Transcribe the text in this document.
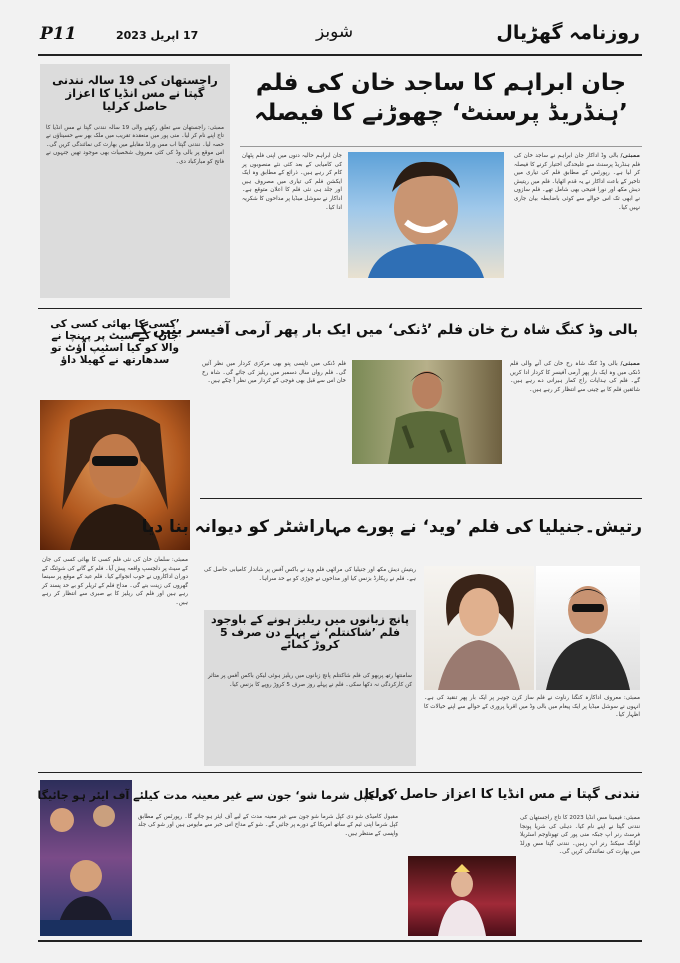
P11	17 اپریل 2023	شوبز	روزنامہ گھڑیال
راجستھان کی 19 سالہ نندنی گپتا نے مس انڈیا کا اعزاز حاصل کرلیا
ممبئی: راجستھان سے تعلق رکھنے والی 19 سالہ نندنی گپتا نے مس انڈیا کا تاج اپنے نام کر لیا۔ منی پور میں منعقدہ تقریب میں ملک بھر سے حسیناؤں نے حصہ لیا۔ نندنی گپتا اب مس ورلڈ مقابلے میں بھارت کی نمائندگی کریں گی۔ اس موقع پر بالی وڈ کی کئی معروف شخصیات بھی موجود تھیں جنہوں نے فاتح کو مبارکباد دی۔
جان ابراہم کا ساجد خان کی فلم
’ہنڈریڈ پرسنٹ‘ چھوڑنے کا فیصلہ
ممبئی/ بالی وڈ اداکار جان ابراہم نے ساجد خان کی فلم ہنڈریڈ پرسنٹ سے علیحدگی اختیار کرنے کا فیصلہ کر لیا ہے۔ رپورٹس کے مطابق فلم کی تیاری میں تاخیر کے باعث اداکار نے یہ قدم اٹھایا۔ فلم میں ریتیش دیش مکھ اور نورا فتیحی بھی شامل تھے۔ فلم سازوں نے ابھی تک اس حوالے سے کوئی باضابطہ بیان جاری نہیں کیا۔
جان ابراہم حالیہ دنوں میں اپنی فلم پٹھان کی کامیابی کے بعد کئی نئے منصوبوں پر کام کر رہے ہیں۔ ذرائع کے مطابق وہ ایک ایکشن فلم کی تیاری میں مصروف ہیں اور جلد ہی نئی فلم کا اعلان متوقع ہے۔ اداکار نے سوشل میڈیا پر مداحوں کا شکریہ ادا کیا۔
’کسی کا بھائی کسی کی جان‘ کے سیٹ پر پہنچا نے والا کو کیا اسٹیپ آؤٹ تو سدھارتھ نے کھیلا داؤ
ممبئی: سلمان خان کی نئی فلم کسی کا بھائی کسی کی جان کے سیٹ پر دلچسپ واقعہ پیش آیا۔ فلم کے گانے کی شوٹنگ کے دوران اداکاروں نے خوب انجوائے کیا۔ فلم عید کے موقع پر سینما گھروں کی زینت بنے گی۔ مداح فلم کے ٹریلر کو بے حد پسند کر رہے ہیں اور فلم کی ریلیز کا بے صبری سے انتظار کر رہے ہیں۔
بالی وڈ کنگ شاہ رخ خان فلم ’ڈنکی‘ میں ایک بار پھر آرمی آفیسر بنیں گے
ممبئی/ بالی وڈ کنگ شاہ رخ خان کی آنے والی فلم ڈنکی میں وہ ایک بار پھر آرمی آفیسر کا کردار ادا کریں گے۔ فلم کی ہدایات راج کمار ہیرانی دے رہے ہیں۔ شائقین فلم کا بے چینی سے انتظار کر رہے ہیں۔
فلم ڈنکی میں تاپسی پنو بھی مرکزی کردار میں نظر آئیں گی۔ فلم رواں سال دسمبر میں ریلیز کی جائے گی۔ شاہ رخ خان اس سے قبل بھی فوجی کے کردار میں نظر آ چکے ہیں۔
رتیش۔جنیلیا کی فلم ’وید‘ نے پورے مہاراشٹر کو دیوانہ بنا دیا
ریتیش دیش مکھ اور جنیلیا کی مراٹھی فلم وید نے باکس آفس پر شاندار کامیابی حاصل کی ہے۔ فلم نے ریکارڈ بزنس کیا اور مداحوں نے جوڑی کو بے حد سراہا۔
پانچ زبانوں میں ریلیز ہونے کے باوجود فلم ’شاکنتلم‘ نے پہلے دن صرف 5 کروڑ کمائے
سامنتھا رتھ پربھو کی فلم شاکنتلم پانچ زبانوں میں ریلیز ہوئی لیکن باکس آفس پر متاثر کن کارکردگی نہ دکھا سکی۔ فلم نے پہلے روز صرف 5 کروڑ روپے کا بزنس کیا۔
ممبئی: معروف اداکارہ کنگنا رناوت نے فلم ساز کرن جوہر پر ایک بار پھر تنقید کی ہے۔ انہوں نے سوشل میڈیا پر ایک پیغام میں بالی وڈ میں اقربا پروری کے حوالے سے اپنے خیالات کا اظہار کیا۔
’دی کپل شرما شو‘ جون سے غیر معینہ مدت کیلئے آف ایئر ہو جائیگا
مقبول کامیڈی شو دی کپل شرما شو جون سے غیر معینہ مدت کے لیے آف ایئر ہو جائے گا۔ رپورٹس کے مطابق کپل شرما اپنی ٹیم کے ساتھ امریکا کے دورے پر جائیں گے۔ شو کے مداح اس خبر سے مایوس ہیں اور شو کی جلد واپسی کے منتظر ہیں۔
نندنی گپتا نے مس انڈیا کا اعزاز حاصل کرلیا
ممبئی: فیمینا مس انڈیا 2023 کا تاج راجستھان کی نندنی گپتا نے اپنے نام کیا۔ دہلی کی شریا پونجا فرسٹ رنر اپ جبکہ منی پور کی تھوناوجم اسٹریلا لوانگ سیکنڈ رنر اپ رہیں۔ نندنی گپتا مس ورلڈ میں بھارت کی نمائندگی کریں گی۔
